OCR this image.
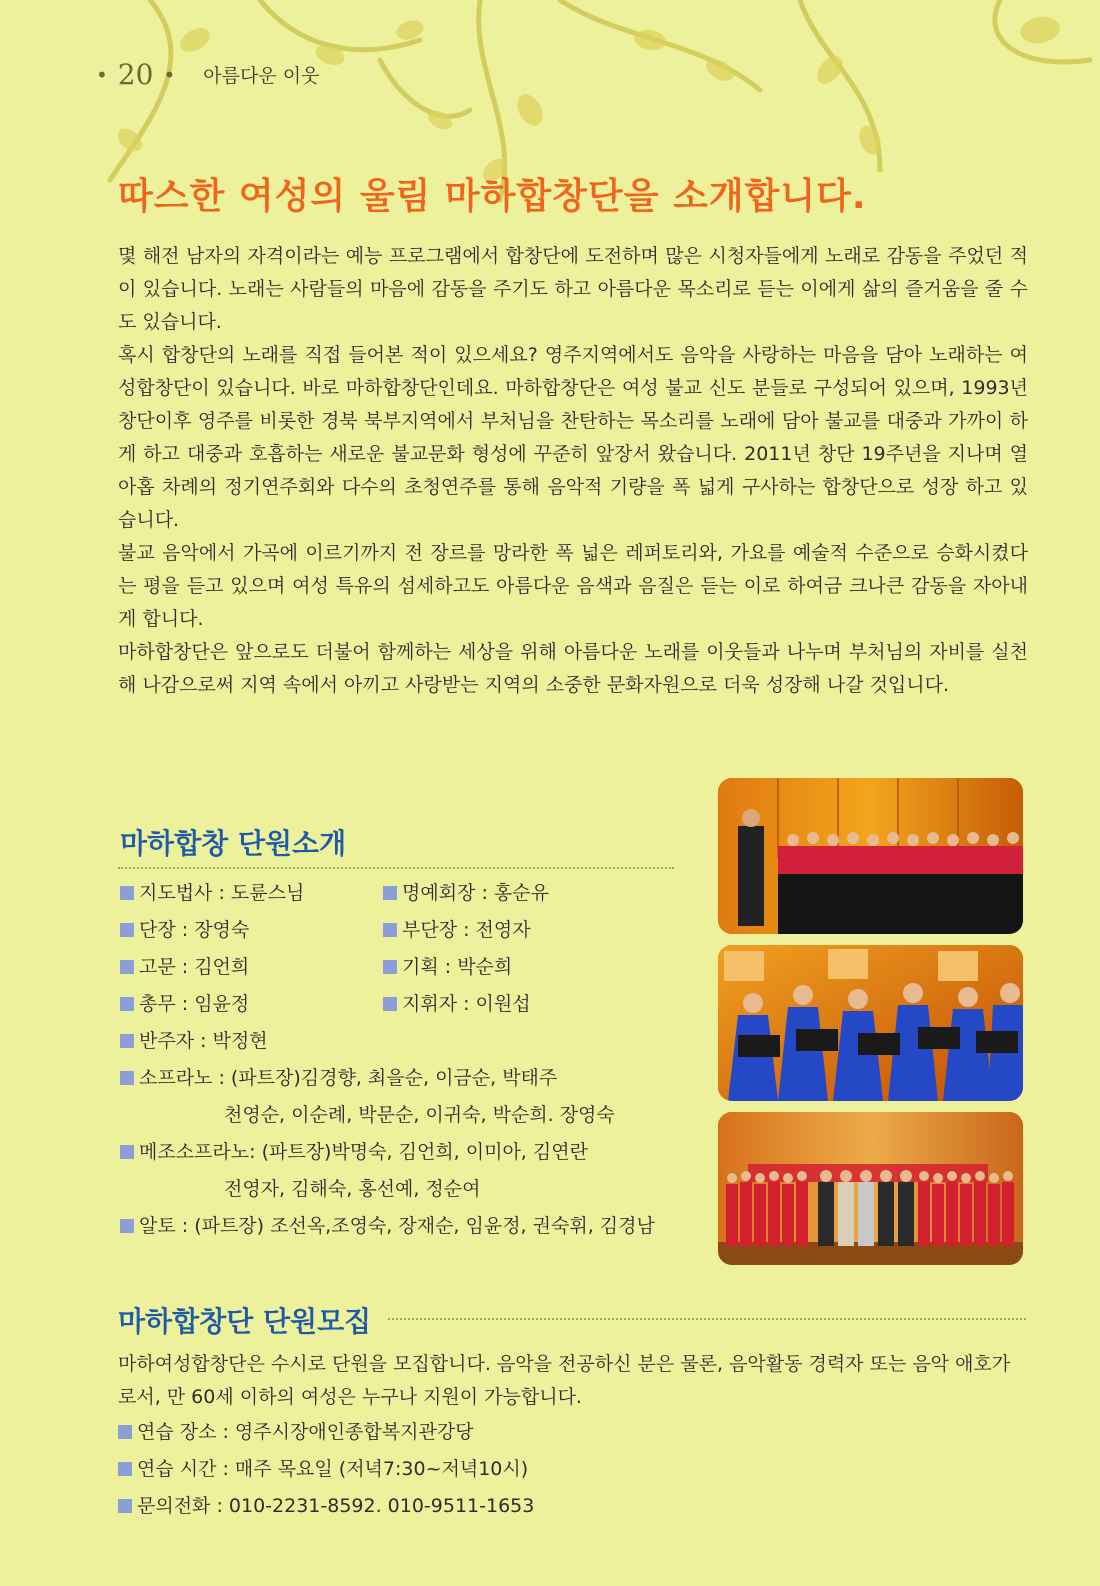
• 20 • 아름다운 이웃
따스한 여성의 울림 마하합창단을 소개합니다.

몇 해전 남자의 자격이라는 예능 프로그램에서 합창단에 도전하며 많은 시청자들에게 노래로 감동을 주었던 적이 있습니다. 노래는 사람들의 마음에 감동을 주기도 하고 아름다운 목소리로 듣는 이에게 삶의 즐거움을 줄 수도 있습니다.

혹시 합창단의 노래를 직접 들어본 적이 있으세요? 영주지역에서도 음악을 사랑하는 마음을 담아 노래하는 여성합창단이 있습니다. 바로 마하합창단인데요. 마하합창단은 여성 불교 신도 분들로 구성되어 있으며, 1993년 창단이후 영주를 비롯한 경북 북부지역에서 부처님을 찬탄하는 목소리를 노래에 담아 불교를 대중과 가까이 하게 하고 대중과 호흡하는 새로운 불교문화 형성에 꾸준히 앞장서 왔습니다. 2011년 창단 19주년을 지나며 열아홉 차례의 정기연주회와 다수의 초청연주를 통해 음악적 기량을 폭 넓게 구사하는 합창단으로 성장 하고 있습니다.

불교 음악에서 가곡에 이르기까지 전 장르를 망라한 폭 넓은 레퍼토리와, 가요를 예술적 수준으로 승화시켰다는 평을 듣고 있으며 여성 특유의 섬세하고도 아름다운 음색과 음질은 듣는 이로 하여금 크나큰 감동을 자아내게 합니다.

마하합창단은 앞으로도 더불어 함께하는 세상을 위해 아름다운 노래를 이웃들과 나누며 부처님의 자비를 실천해 나감으로써 지역 속에서 아끼고 사랑받는 지역의 소중한 문화자원으로 더욱 성장해 나갈 것입니다.

마하합창 단원소개
지도법사 : 도륜스님	명예회장 : 홍순유
단장 : 장영숙	부단장 : 전영자
고문 : 김언희	기획 : 박순희
총무 : 임윤정	지휘자 : 이원섭
반주자 : 박정현
소프라노 : (파트장)김경향, 최을순, 이금순, 박태주
천영순, 이순례, 박문순, 이귀숙, 박순희. 장영숙
메조소프라노: (파트장)박명숙, 김언희, 이미아, 김연란
전영자, 김해숙, 홍선예, 정순여
알토 : (파트장) 조선옥,조영숙, 장재순, 임윤정, 권숙휘, 김경남
마하합창단 단원모집

마하여성합창단은 수시로 단원을 모집합니다. 음악을 전공하신 분은 물론, 음악활동 경력자 또는 음악 애호가로서, 만 60세 이하의 여성은 누구나 지원이 가능합니다.

연습 장소 : 영주시장애인종합복지관강당
연습 시간 : 매주 목요일 (저녁7:30~저녁10시)
문의전화 : 010-2231-8592. 010-9511-1653
